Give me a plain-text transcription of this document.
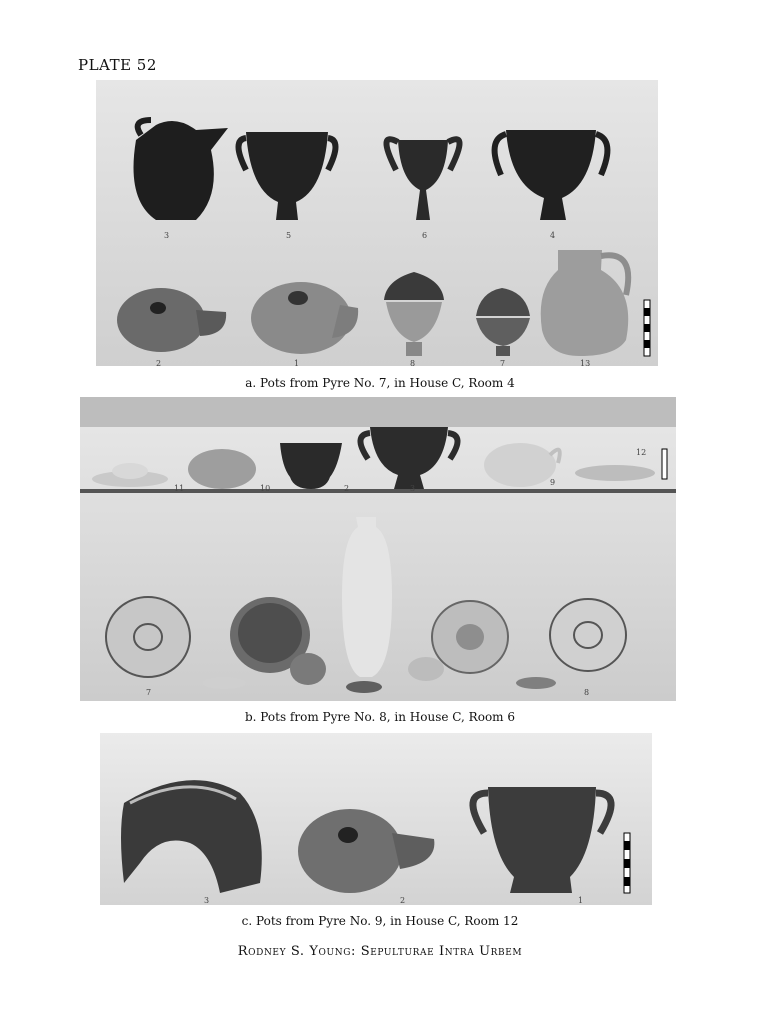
PLATE 52
3	5	6	4
2	1	8	7	13
a. Pots from Pyre No. 7, in House C, Room 4
11	10	2	3
9
12
7	8
b. Pots from Pyre No. 8, in House C, Room 6
3	2	1
c. Pots from Pyre No. 9, in House C, Room 12
Rodney S. Young: Sepulturae Intra Urbem
